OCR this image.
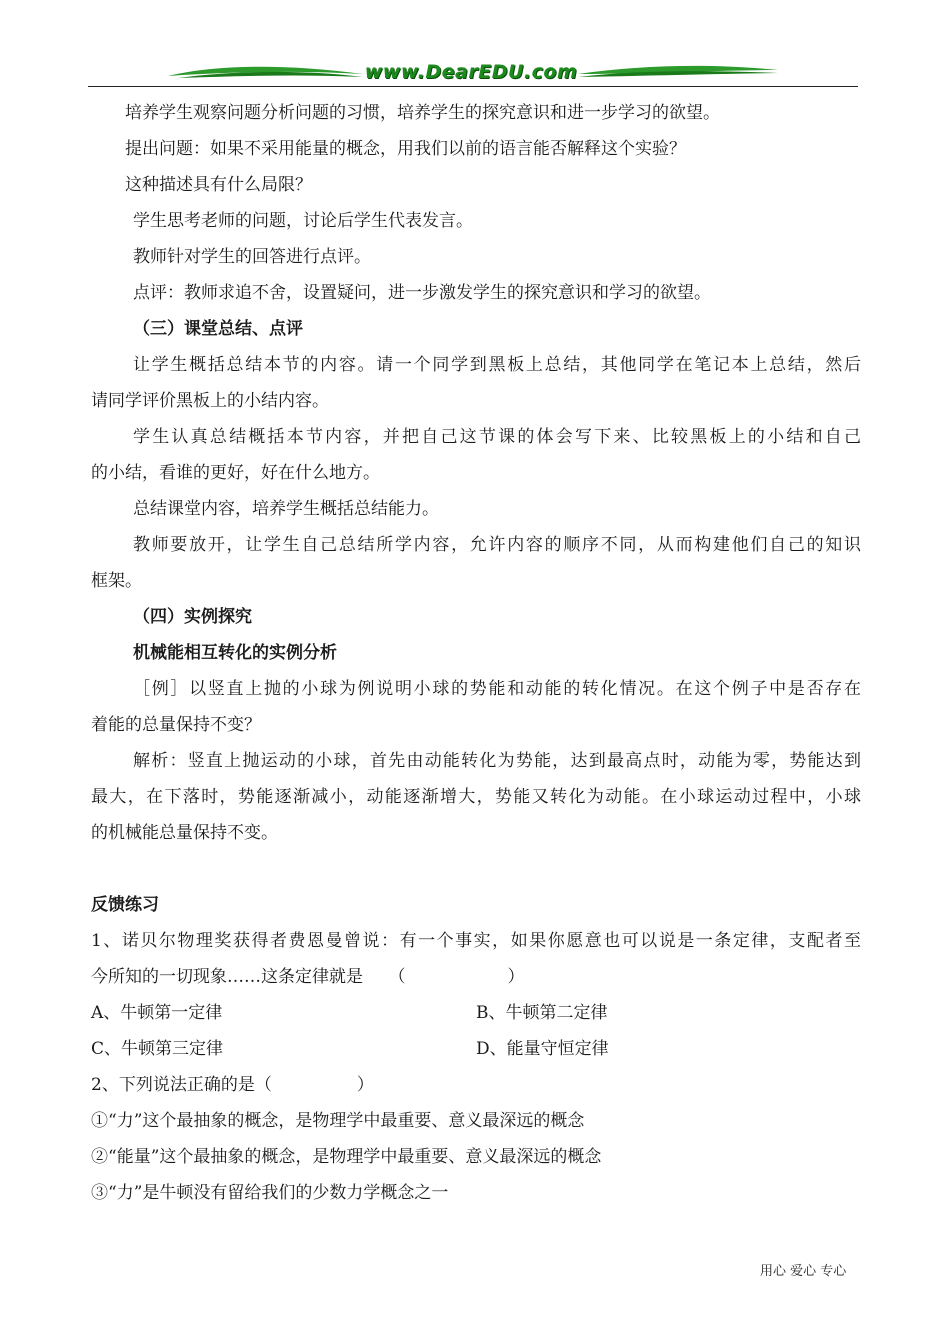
www.DearEDU.com
培养学生观察问题分析问题的习惯，培养学生的探究意识和进一步学习的欲望。
提出问题：如果不采用能量的概念，用我们以前的语言能否解释这个实验？
这种描述具有什么局限？
学生思考老师的问题，讨论后学生代表发言。
教师针对学生的回答进行点评。
点评：教师求追不舍，设置疑问，进一步激发学生的探究意识和学习的欲望。
（三）课堂总结、点评
让学生概括总结本节的内容。请一个同学到黑板上总结，其他同学在笔记本上总结，然后
请同学评价黑板上的小结内容。
学生认真总结概括本节内容，并把自己这节课的体会写下来、比较黑板上的小结和自己
的小结，看谁的更好，好在什么地方。
总结课堂内容，培养学生概括总结能力。
教师要放开，让学生自己总结所学内容，允许内容的顺序不同，从而构建他们自己的知识
框架。
（四）实例探究
机械能相互转化的实例分析
［例］以竖直上抛的小球为例说明小球的势能和动能的转化情况。在这个例子中是否存在
着能的总量保持不变？
解析：竖直上抛运动的小球，首先由动能转化为势能，达到最高点时，动能为零，势能达到
最大，在下落时，势能逐渐减小，动能逐渐增大，势能又转化为动能。在小球运动过程中，小球
的机械能总量保持不变。
反馈练习
1、诺贝尔物理奖获得者费恩曼曾说：有一个事实，如果你愿意也可以说是一条定律，支配者至
今所知的一切现象……这条定律就是　　（　　　　　　）
A、牛顿第一定律	B、牛顿第二定律
C、牛顿第三定律	D、能量守恒定律
2、下列说法正确的是（　　　　　）
①“力”这个最抽象的概念，是物理学中最重要、意义最深远的概念
②“能量”这个最抽象的概念，是物理学中最重要、意义最深远的概念
③“力”是牛顿没有留给我们的少数力学概念之一
用心 爱心 专心
